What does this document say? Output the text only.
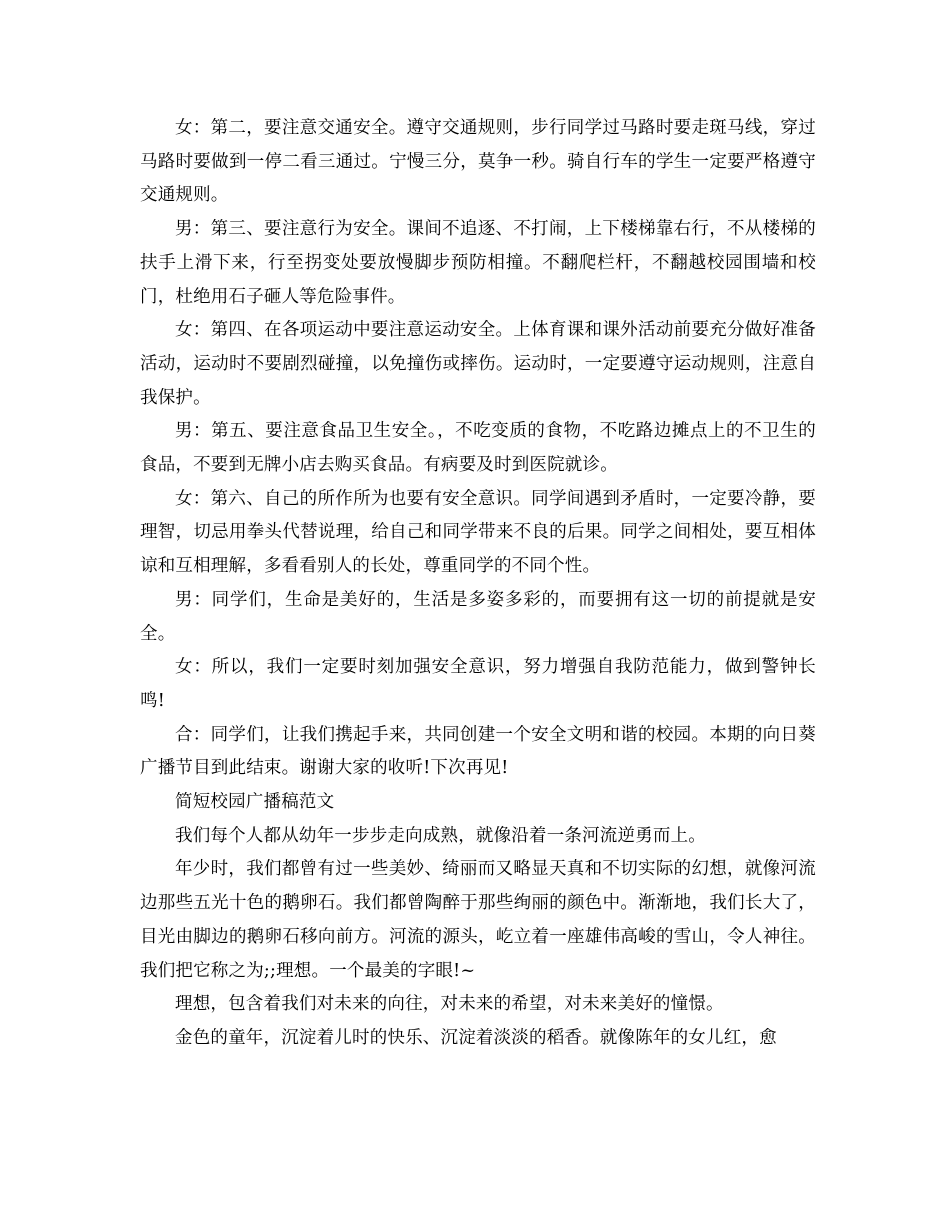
女：第二，要注意交通安全。遵守交通规则，步行同学过马路时要走斑马线，穿过马路时要做到一停二看三通过。宁慢三分，莫争一秒。骑自行车的学生一定要严格遵守交通规则。

男：第三、要注意行为安全。课间不追逐、不打闹，上下楼梯靠右行，不从楼梯的扶手上滑下来，行至拐变处要放慢脚步预防相撞。不翻爬栏杆，不翻越校园围墙和校门，杜绝用石子砸人等危险事件。

女：第四、在各项运动中要注意运动安全。上体育课和课外活动前要充分做好准备活动，运动时不要剧烈碰撞，以免撞伤或摔伤。运动时，一定要遵守运动规则，注意自我保护。

男：第五、要注意食品卫生安全。，不吃变质的食物，不吃路边摊点上的不卫生的食品，不要到无牌小店去购买食品。有病要及时到医院就诊。

女：第六、自己的所作所为也要有安全意识。同学间遇到矛盾时，一定要冷静，要理智，切忌用拳头代替说理，给自己和同学带来不良的后果。同学之间相处，要互相体谅和互相理解，多看看别人的长处，尊重同学的不同个性。

男：同学们，生命是美好的，生活是多姿多彩的，而要拥有这一切的前提就是安全。

女：所以，我们一定要时刻加强安全意识，努力增强自我防范能力，做到警钟长鸣!

合：同学们，让我们携起手来，共同创建一个安全文明和谐的校园。本期的向日葵广播节目到此结束。谢谢大家的收听!下次再见!

简短校园广播稿范文

我们每个人都从幼年一步步走向成熟，就像沿着一条河流逆勇而上。

年少时，我们都曾有过一些美妙、绮丽而又略显天真和不切实际的幻想，就像河流边那些五光十色的鹅卵石。我们都曾陶醉于那些绚丽的颜色中。渐渐地，我们长大了，目光由脚边的鹅卵石移向前方。河流的源头，屹立着一座雄伟高峻的雪山，令人神往。我们把它称之为;;理想。一个最美的字眼!~

理想，包含着我们对未来的向往，对未来的希望，对未来美好的憧憬。

金色的童年，沉淀着儿时的快乐、沉淀着淡淡的稻香。就像陈年的女儿红，愈
